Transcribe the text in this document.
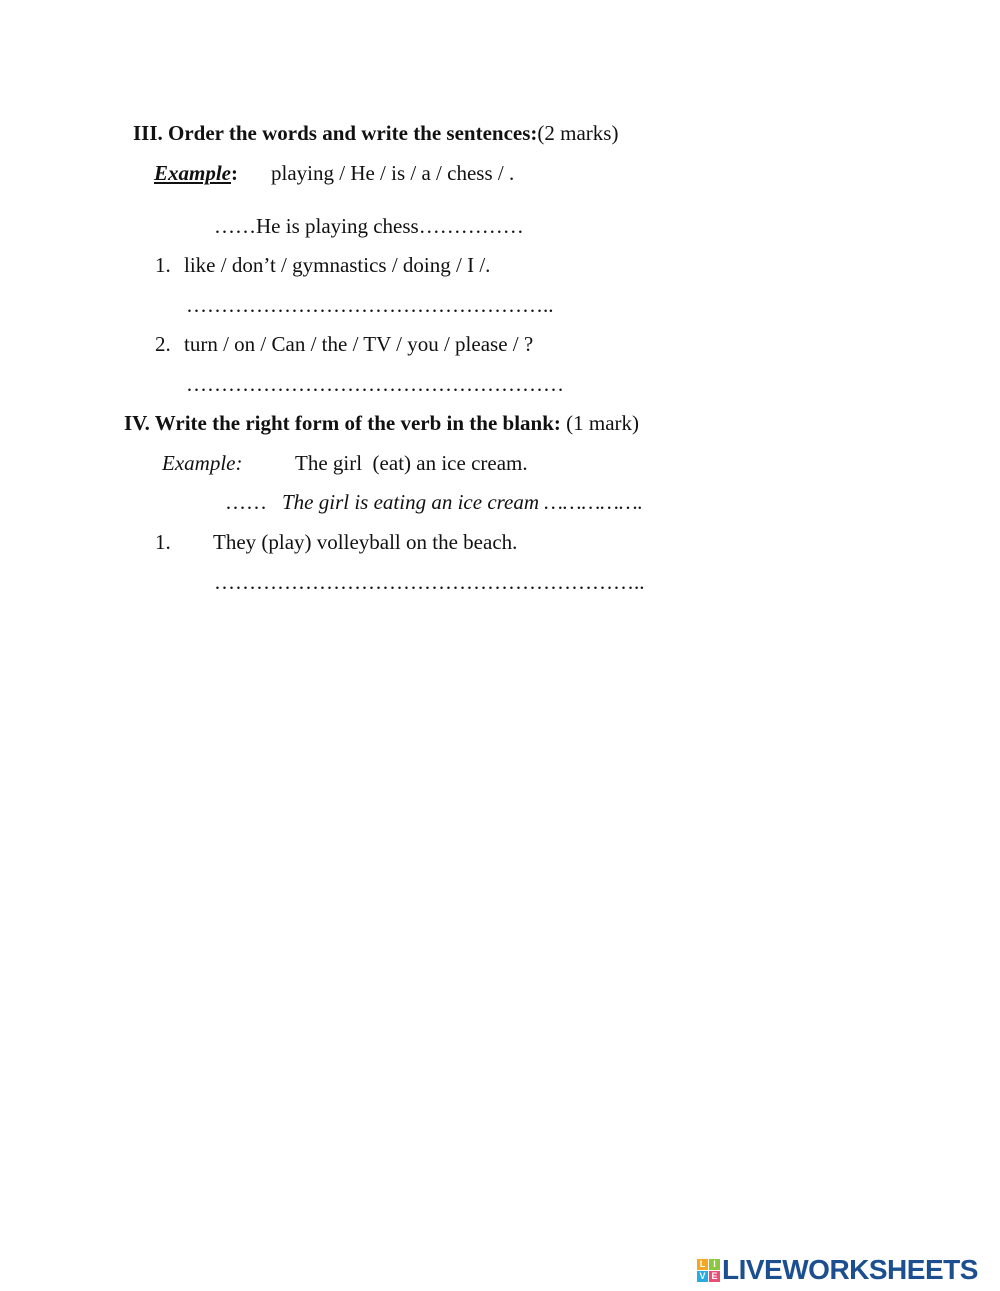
III. Order the words and write the sentences:(2 marks)
Example: playing / He / is / a / chess / .
……He is playing chess……………
1. like / don’t / gymnastics / doing / I /.
……………………………………………..
2. turn / on / Can / the / TV / you / please / ?
………………………………………………
IV. Write the right form of the verb in the blank: (1 mark)
Example:	The girl  (eat) an ice cream.
…… The girl is eating an ice cream …………….
1. They (play) volleyball on the beach.
……………………………………………………..
L I
V E LIVEWORKSHEETS
